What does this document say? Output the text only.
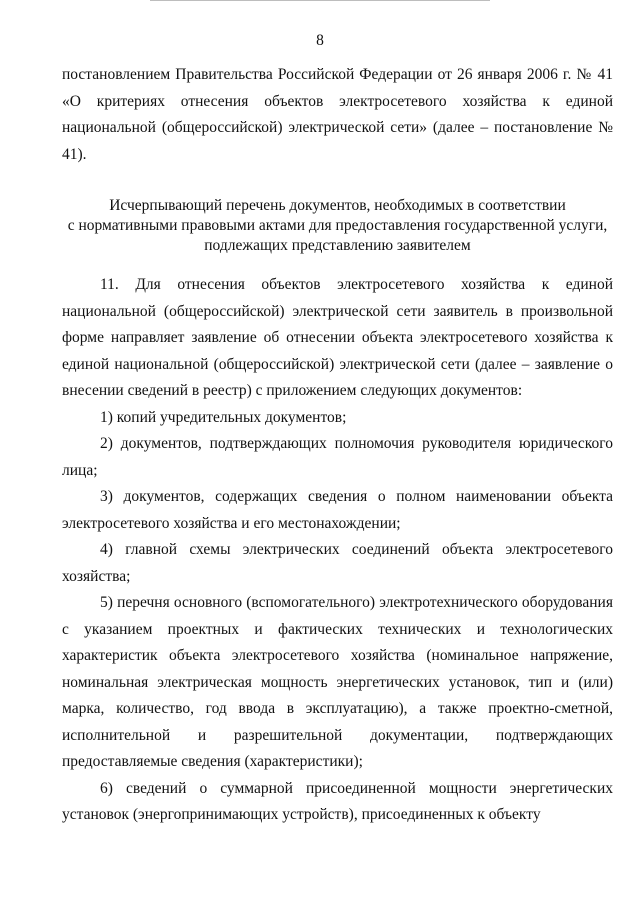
8

постановлением Правительства Российской Федерации от 26 января 2006 г. № 41 «О критериях отнесения объектов электросетевого хозяйства к единой национальной (общероссийской) электрической сети» (далее – постановление № 41).

Исчерпывающий перечень документов, необходимых в соответствии
с нормативными правовыми актами для предоставления государственной услуги,
подлежащих представлению заявителем

11. Для отнесения объектов электросетевого хозяйства к единой национальной (общероссийской) электрической сети заявитель в произвольной форме направляет заявление об отнесении объекта электросетевого хозяйства к единой национальной (общероссийской) электрической сети (далее – заявление о внесении сведений в реестр) с приложением следующих документов:

1) копий учредительных документов;

2) документов, подтверждающих полномочия руководителя юридического лица;

3) документов, содержащих сведения о полном наименовании объекта электросетевого хозяйства и его местонахождении;

4) главной схемы электрических соединений объекта электросетевого хозяйства;

5) перечня основного (вспомогательного) электротехнического оборудования с указанием проектных и фактических технических и технологических характеристик объекта электросетевого хозяйства (номинальное напряжение, номинальная электрическая мощность энергетических установок, тип и (или) марка, количество, год ввода в эксплуатацию), а также проектно-сметной, исполнительной и разрешительной документации, подтверждающих предоставляемые сведения (характеристики);

6) сведений о суммарной присоединенной мощности энергетических установок (энергопринимающих устройств), присоединенных к объекту
